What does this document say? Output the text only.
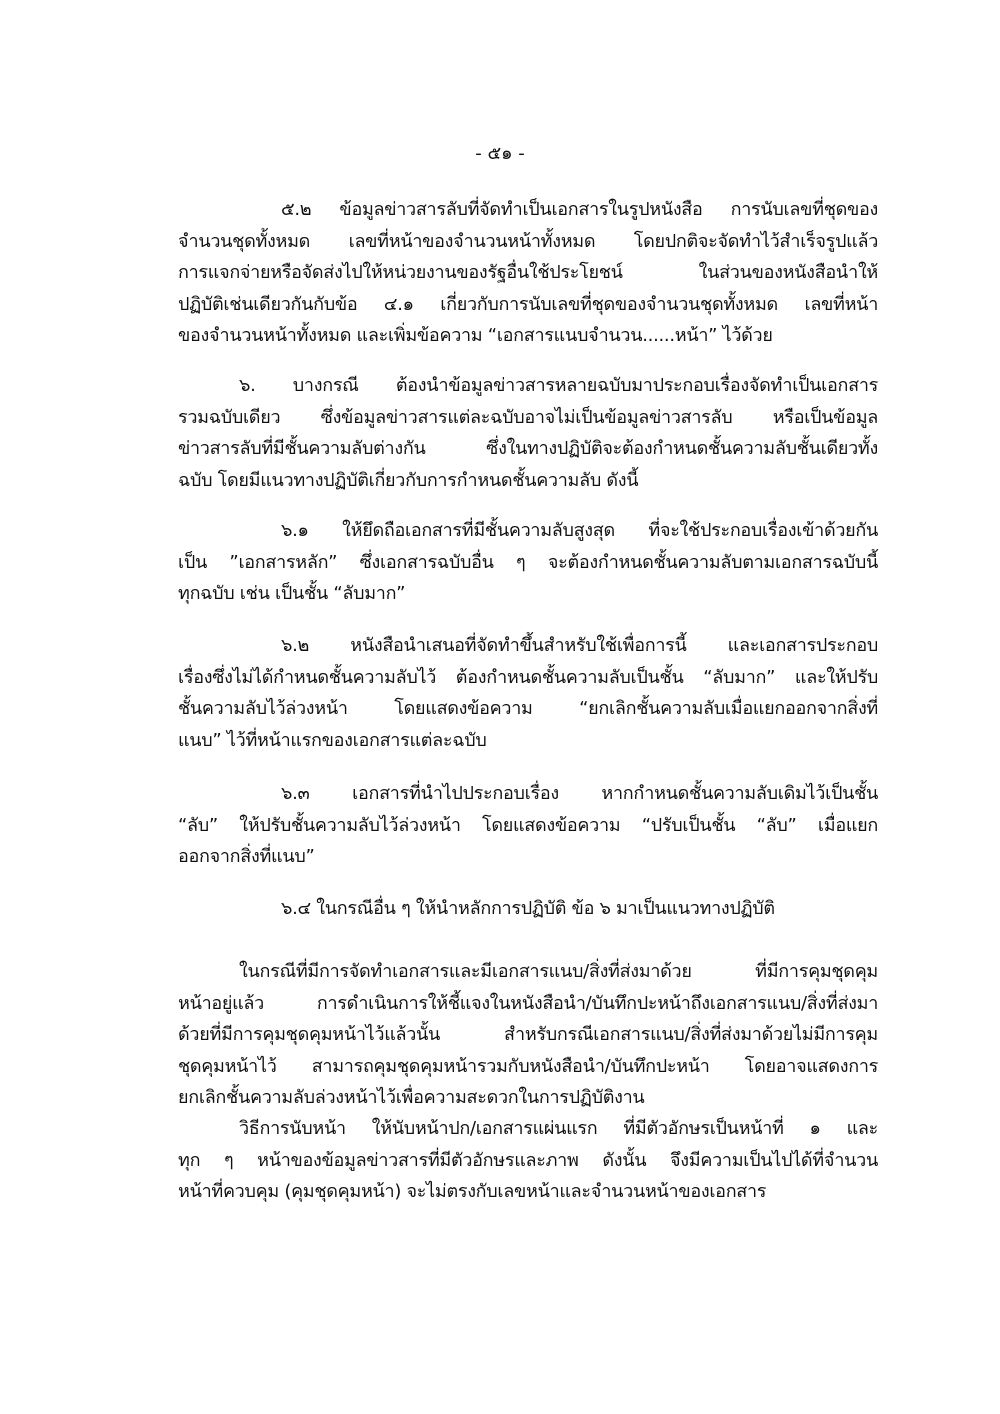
- ๕๑ -
๕.๒ ข้อมูลข่าวสารลับที่จัดทำเป็นเอกสารในรูปหนังสือ การนับเลขที่ชุดของ
จำนวนชุดทั้งหมด เลขที่หน้าของจำนวนหน้าทั้งหมด โดยปกติจะจัดทำไว้สำเร็จรูปแล้ว
การแจกจ่ายหรือจัดส่งไปให้หน่วยงานของรัฐอื่นใช้ประโยชน์ ในส่วนของหนังสือนำให้
ปฏิบัติเช่นเดียวกันกับข้อ ๔.๑ เกี่ยวกับการนับเลขที่ชุดของจำนวนชุดทั้งหมด เลขที่หน้า
ของจำนวนหน้าทั้งหมด และเพิ่มข้อความ “เอกสารแนบจำนวน......หน้า” ไว้ด้วย
๖. บางกรณี ต้องนำข้อมูลข่าวสารหลายฉบับมาประกอบเรื่องจัดทำเป็นเอกสาร
รวมฉบับเดียว ซึ่งข้อมูลข่าวสารแต่ละฉบับอาจไม่เป็นข้อมูลข่าวสารลับ หรือเป็นข้อมูล
ข่าวสารลับที่มีชั้นความลับต่างกัน ซึ่งในทางปฏิบัติจะต้องกำหนดชั้นความลับชั้นเดียวทั้ง
ฉบับ โดยมีแนวทางปฏิบัติเกี่ยวกับการกำหนดชั้นความลับ ดังนี้
๖.๑ ให้ยึดถือเอกสารที่มีชั้นความลับสูงสุด ที่จะใช้ประกอบเรื่องเข้าด้วยกัน
เป็น ”เอกสารหลัก” ซึ่งเอกสารฉบับอื่น ๆ จะต้องกำหนดชั้นความลับตามเอกสารฉบับนี้
ทุกฉบับ เช่น เป็นชั้น “ลับมาก”
๖.๒ หนังสือนำเสนอที่จัดทำขึ้นสำหรับใช้เพื่อการนี้ และเอกสารประกอบ
เรื่องซึ่งไม่ได้กำหนดชั้นความลับไว้ ต้องกำหนดชั้นความลับเป็นชั้น “ลับมาก” และให้ปรับ
ชั้นความลับไว้ล่วงหน้า โดยแสดงข้อความ “ยกเลิกชั้นความลับเมื่อแยกออกจากสิ่งที่
แนบ” ไว้ที่หน้าแรกของเอกสารแต่ละฉบับ
๖.๓ เอกสารที่นำไปประกอบเรื่อง หากกำหนดชั้นความลับเดิมไว้เป็นชั้น
“ลับ” ให้ปรับชั้นความลับไว้ล่วงหน้า โดยแสดงข้อความ “ปรับเป็นชั้น “ลับ” เมื่อแยก
ออกจากสิ่งที่แนบ”
๖.๔ ในกรณีอื่น ๆ ให้นำหลักการปฏิบัติ ข้อ ๖ มาเป็นแนวทางปฏิบัติ
ในกรณีที่มีการจัดทำเอกสารและมีเอกสารแนบ/สิ่งที่ส่งมาด้วย ที่มีการคุมชุดคุม
หน้าอยู่แล้ว การดำเนินการให้ชี้แจงในหนังสือนำ/บันทึกปะหน้าถึงเอกสารแนบ/สิ่งที่ส่งมา
ด้วยที่มีการคุมชุดคุมหน้าไว้แล้วนั้น สำหรับกรณีเอกสารแนบ/สิ่งที่ส่งมาด้วยไม่มีการคุม
ชุดคุมหน้าไว้ สามารถคุมชุดคุมหน้ารวมกับหนังสือนำ/บันทึกปะหน้า โดยอาจแสดงการ
ยกเลิกชั้นความลับล่วงหน้าไว้เพื่อความสะดวกในการปฏิบัติงาน
วิธีการนับหน้า ให้นับหน้าปก/เอกสารแผ่นแรก ที่มีตัวอักษรเป็นหน้าที่ ๑ และ
ทุก ๆ หน้าของข้อมูลข่าวสารที่มีตัวอักษรและภาพ ดังนั้น จึงมีความเป็นไปได้ที่จำนวน
หน้าที่ควบคุม (คุมชุดคุมหน้า) จะไม่ตรงกับเลขหน้าและจำนวนหน้าของเอกสาร
